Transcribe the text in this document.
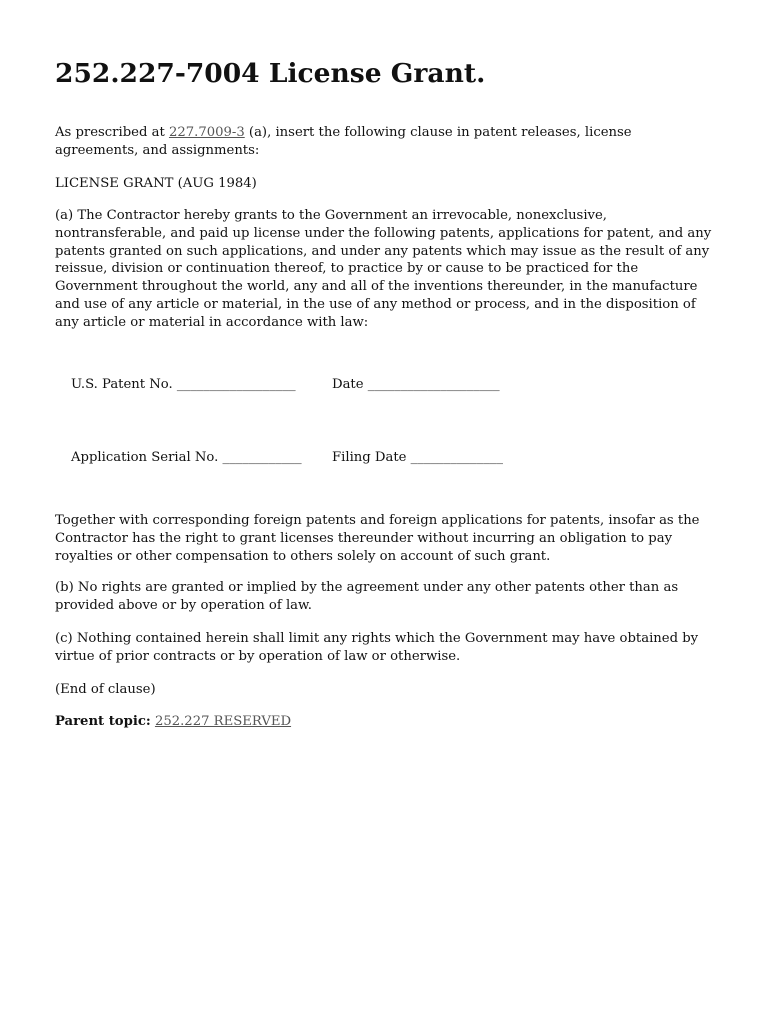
252.227-7004 License Grant.

As prescribed at 227.7009-3 (a), insert the following clause in patent releases, license agreements, and assignments:

LICENSE GRANT (AUG 1984)

(a) The Contractor hereby grants to the Government an irrevocable, nonexclusive, nontransferable, and paid up license under the following patents, applications for patent, and any patents granted on such applications, and under any patents which may issue as the result of any reissue, division or continuation thereof, to practice by or cause to be practiced for the Government throughout the world, any and all of the inventions thereunder, in the manufacture and use of any article or material, in the use of any method or process, and in the disposition of any article or material in accordance with law:

U.S. Patent No. __________________	Date ____________________
Application Serial No. ____________ Filing Date ______________

Together with corresponding foreign patents and foreign applications for patents, insofar as the Contractor has the right to grant licenses thereunder without incurring an obligation to pay royalties or other compensation to others solely on account of such grant.

(b) No rights are granted or implied by the agreement under any other patents other than as provided above or by operation of law.

(c) Nothing contained herein shall limit any rights which the Government may have obtained by virtue of prior contracts or by operation of law or otherwise.

(End of clause)

Parent topic: 252.227 RESERVED
